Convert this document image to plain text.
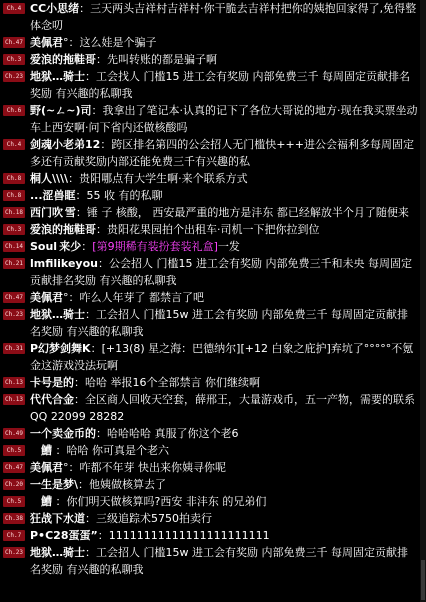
Ch.4 CC小思绪：三天两头吉祥村吉祥村·你干脆去吉祥村把你的姨抱回家得了,免得整体念叨
Ch.47 美佩君°：这么娃是个骗子
Ch.3 爱浪的拖鞋哥：先叫转账的都是骗子啊
Ch.23 地狱…骑士：工会找人 门槛15 进工会有奖励 内部免费三千 每周固定贡献排名奖励 有兴趣的私聊我
Ch.6 野(~ㄥ~)司：我拿出了笔记本·认真的记下了各位大哥说的地方·现在我买票坐动车上西安啊·问下省内还做核酸吗
Ch.4 剑魂小老弟12：跨区排名第四的公会招人无门槛快+++进公会福利多每周固定多还有贡献奖励内部还能免费三千有兴趣的私
Ch.8 桐人\\\\：贵阳哪点有大学生啊·来个联系方式
Ch.8 ...涩兽眶：55 收 有的私聊
Ch.18 西门吹 雪：锤 子 核酸， 西安最严重的地方是沣东 都已经解放半个月了随便来
Ch.3 爱浪的拖鞋哥：贵阳花果园拍个出租车·司机一下把你拉到位
Ch.14 Soul 来少：[第9期稀有装扮套装礼盒]一发
Ch.21 lmfilikeyou：公会招人 门槛15 进工会有奖励 内部免费三千和未央 每周固定贡献排名奖励 有兴趣的私聊我
Ch.47 美佩君°：咋么人年芽了 都禁言了吧
Ch.23 地狱…骑士：工会招人 门槛15w 进工会有奖励 内部免费三千 每周固定贡献排名奖励 有兴趣的私聊我
Ch.31 P幻梦剑舞K：[+13(8) 星之海：巴德纳尔][+12 白象之庇护]弃坑了°°°°°不氪金这游戏没法玩啊
Ch.13 卡号是的：哈哈 举报16个全部禁言 你们继续啊
Ch.13 代代合金：全区商人回收天空套，薛邢王，大量游戏币，五一产物，需要的联系QQ 22099 28282
Ch.49 一个卖金币的：哈哈哈哈 真服了你这个老6
Ch.5  鰽 ：哈哈 你可真是个老六
Ch.47 美佩君°：咋都不年芽 快出来你姨寻你呢
Ch.20 一生是梦\：他姨做核算去了
Ch.5  鰽 ：你们明天做核算吗?西安 非沣东 的兄弟们
Ch.38 狂战下水道：三级追踪术5750拍卖行
Ch.7 P•C28蛋蛋”：11111111111111111111111
Ch.23 地狱…骑士：工会招人 门槛15w 进工会有奖励 内部免费三千 每周固定贡献排名奖励 有兴趣的私聊我
